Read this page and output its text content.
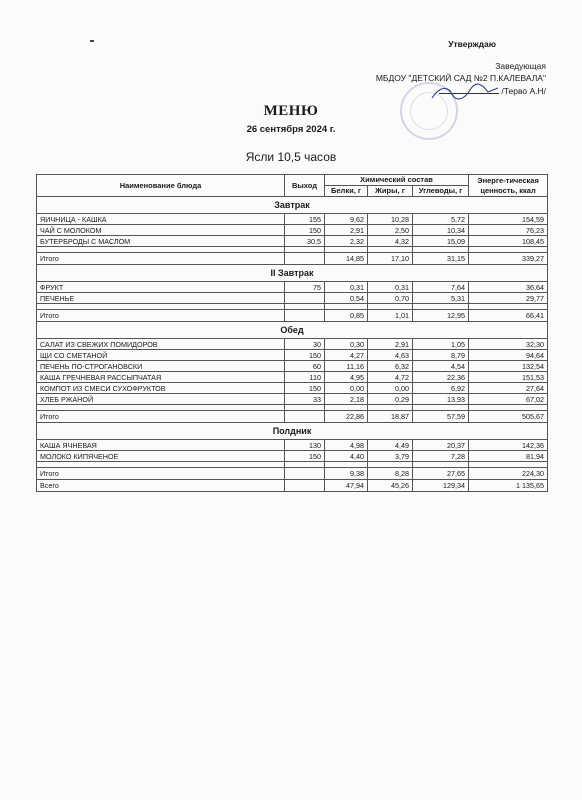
Утверждаю
Заведующая
МБДОУ "ДЕТСКИЙ САД №2 П.КАЛЕВАЛА"
/Терво А.Н/
МЕНЮ
26 сентября 2024 г.
Ясли 10,5 часов
Наименование блюда	Выход	Химический состав			Энерге-тическая ценность, ккал
		Белки, г	Жиры, г	Углеводы, г	
Завтрак					
ЯИЧНИЦА - КАШКА	155	9,62	10,28	5,72	154,59
ЧАЙ С МОЛОКОМ	150	2,91	2,50	10,34	76,23
БУТЕРБРОДЫ С МАСЛОМ	30,5	2,32	4,32	15,09	108,45

Итого		14,85	17,10	31,15	339,27
II Завтрак					
ФРУКТ	75	0,31	0,31	7,64	36,64
ПЕЧЕНЬЕ		0,54	0,70	5,31	29,77

Итого		0,85	1,01	12,95	66,41
Обед					
САЛАТ ИЗ СВЕЖИХ ПОМИДОРОВ	30	0,30	2,91	1,05	32,30
ЩИ СО СМЕТАНОЙ	150	4,27	4,63	8,79	94,64
ПЕЧЕНЬ ПО-СТРОГАНОВСКИ	60	11,16	6,32	4,54	132,54
КАША ГРЕЧНЕВАЯ РАССЫПЧАТАЯ	110	4,95	4,72	22,36	151,53
КОМПОТ ИЗ СМЕСИ СУХОФРУКТОВ	150	0,00	0,00	6,92	27,64
ХЛЕБ РЖАНОЙ	33	2,18	0,29	13,93	67,02

Итого		22,86	18,87	57,59	505,67
Полдник					
КАША ЯЧНЕВАЯ	130	4,98	4,49	20,37	142,36
МОЛОКО КИПЯЧЕНОЕ	150	4,40	3,79	7,28	81,94

Итого		9,38	8,28	27,65	224,30
Всего		47,94	45,26	129,34	1 135,65
